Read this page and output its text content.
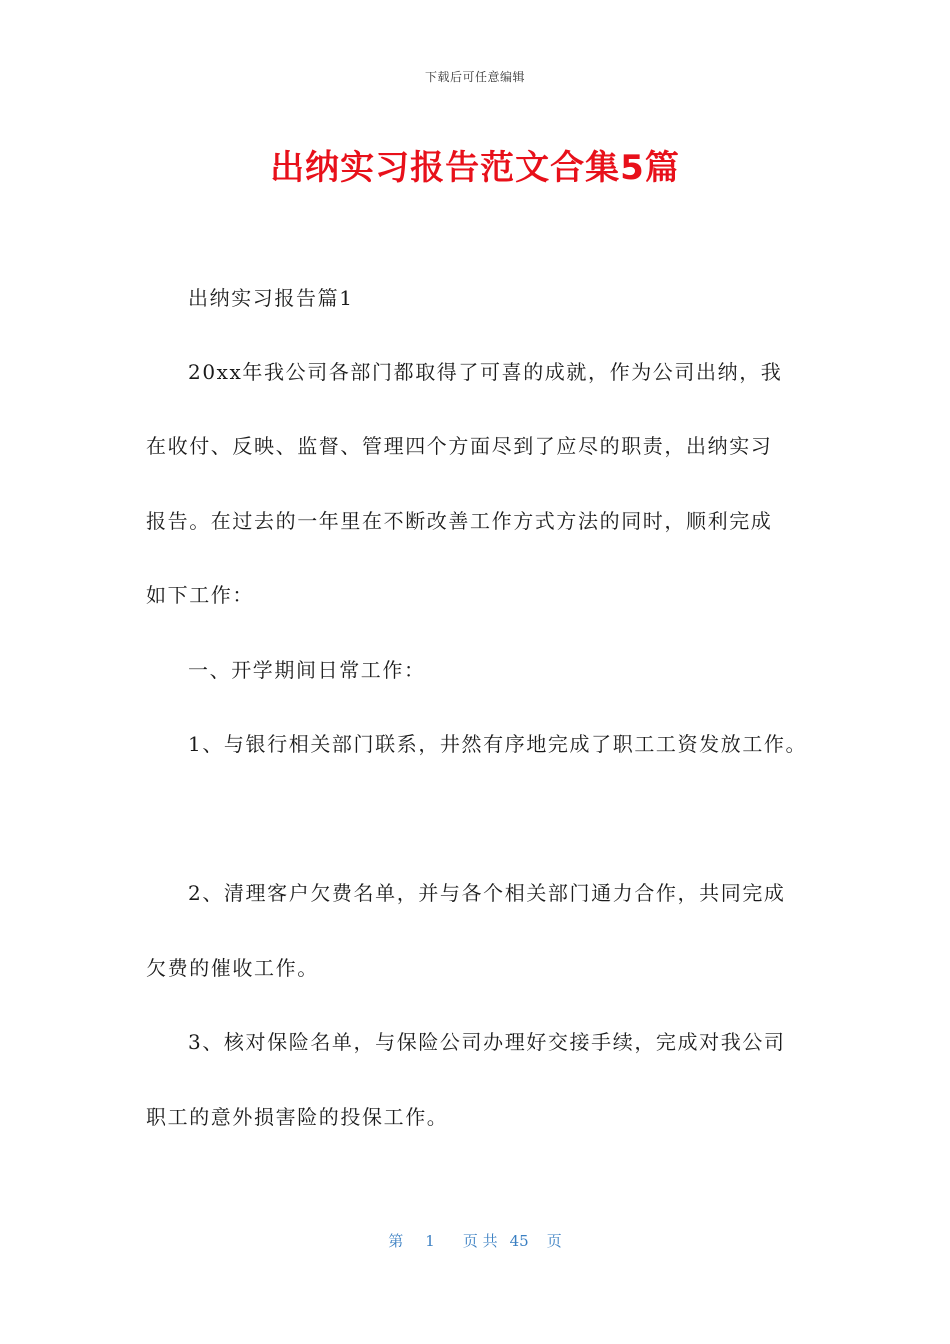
下载后可任意编辑
出纳实习报告范文合集5篇
出纳实习报告篇1
20xx年我公司各部门都取得了可喜的成就，作为公司出纳，我
在收付、反映、监督、管理四个方面尽到了应尽的职责，出纳实习
报告。在过去的一年里在不断改善工作方式方法的同时，顺利完成
如下工作：
一、开学期间日常工作：
1、与银行相关部门联系，井然有序地完成了职工工资发放工作。
2、清理客户欠费名单，并与各个相关部门通力合作，共同完成
欠费的催收工作。
3、核对保险名单，与保险公司办理好交接手续，完成对我公司
职工的意外损害险的投保工作。
第 1 页 共 45 页
